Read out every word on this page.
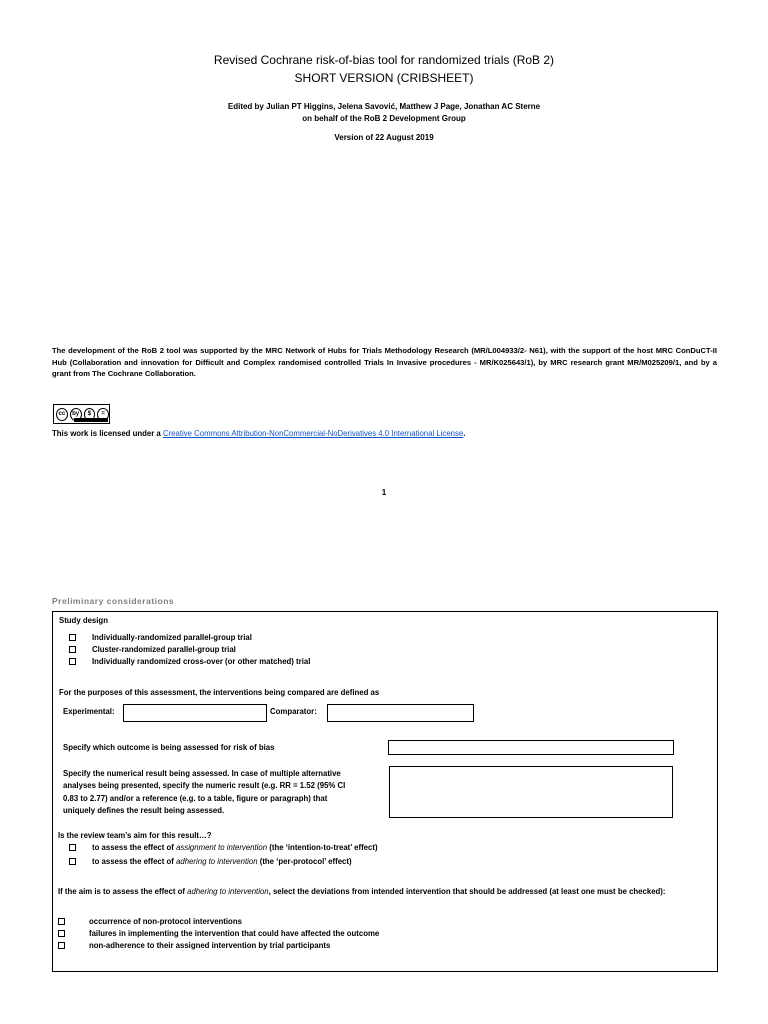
Revised Cochrane risk-of-bias tool for randomized trials (RoB 2)
SHORT VERSION (CRIBSHEET)
Edited by Julian PT Higgins, Jelena Savović, Matthew J Page, Jonathan AC Sterne
on behalf of the RoB 2 Development Group
Version of 22 August 2019
The development of the RoB 2 tool was supported by the MRC Network of Hubs for Trials Methodology Research (MR/L004933/2- N61), with the support of the host MRC ConDuCT-II Hub (Collaboration and innovation for Difficult and Complex randomised controlled Trials In Invasive procedures - MR/K025643/1), by MRC research grant MR/M025209/1, and by a grant from The Cochrane Collaboration.
cc	by	$	=
This work is licensed under a Creative Commons Attribution-NonCommercial-NoDerivatives 4.0 International License.
1
Preliminary considerations
Study design
Individually-randomized parallel-group trial
Cluster-randomized parallel-group trial
Individually randomized cross-over (or other matched) trial
For the purposes of this assessment, the interventions being compared are defined as
Experimental:	Comparator:
Specify which outcome is being assessed for risk of bias
Specify the numerical result being assessed. In case of multiple alternative
analyses being presented, specify the numeric result (e.g. RR = 1.52 (95% CI
0.83 to 2.77) and/or a reference (e.g. to a table, figure or paragraph) that
uniquely defines the result being assessed.
Is the review team’s aim for this result…?
to assess the effect of assignment to intervention (the ‘intention-to-treat’ effect)
to assess the effect of adhering to intervention (the ‘per-protocol’ effect)
If the aim is to assess the effect of adhering to intervention, select the deviations from intended intervention that should be addressed (at least one must be checked):
occurrence of non-protocol interventions
failures in implementing the intervention that could have affected the outcome
non-adherence to their assigned intervention by trial participants
